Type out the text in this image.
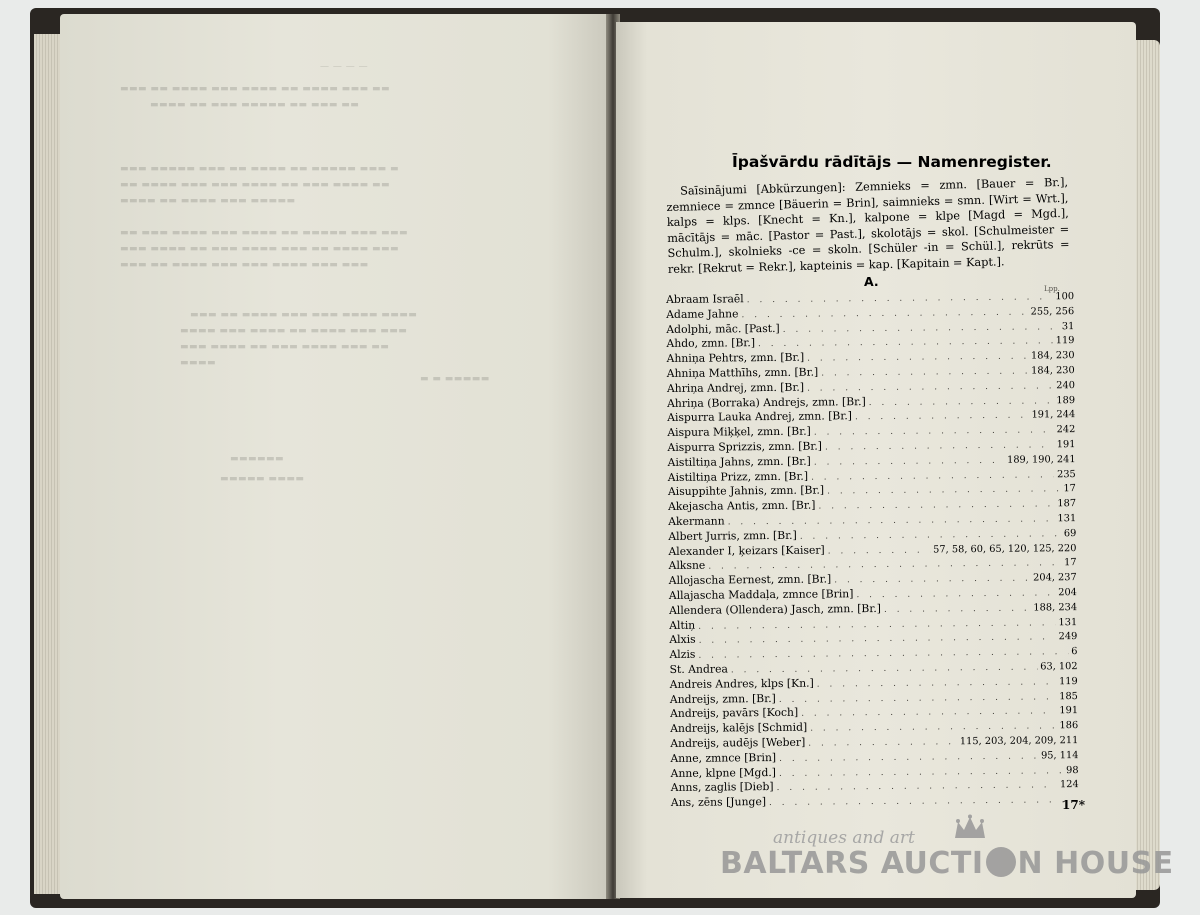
— — — —
▬▬▬ ▬▬ ▬▬▬▬ ▬▬▬ ▬▬▬▬ ▬▬ ▬▬▬▬ ▬▬▬ ▬▬
▬▬▬▬ ▬▬ ▬▬▬ ▬▬▬▬▬ ▬▬ ▬▬▬ ▬▬
▬▬▬ ▬▬▬▬▬ ▬▬▬ ▬▬ ▬▬▬▬ ▬▬ ▬▬▬▬▬ ▬▬▬ ▬
▬▬ ▬▬▬▬ ▬▬▬ ▬▬▬ ▬▬▬▬ ▬▬ ▬▬▬ ▬▬▬▬ ▬▬
▬▬▬▬ ▬▬ ▬▬▬▬ ▬▬▬ ▬▬▬▬▬
▬▬ ▬▬▬ ▬▬▬▬ ▬▬▬ ▬▬▬▬ ▬▬ ▬▬▬▬▬ ▬▬▬ ▬▬▬
▬▬▬ ▬▬▬▬ ▬▬ ▬▬▬ ▬▬▬▬ ▬▬▬ ▬▬ ▬▬▬▬ ▬▬▬
▬▬▬ ▬▬ ▬▬▬▬ ▬▬▬ ▬▬▬ ▬▬▬▬ ▬▬▬ ▬▬▬
▬▬▬ ▬▬ ▬▬▬▬ ▬▬▬ ▬▬▬ ▬▬▬▬ ▬▬▬▬
▬▬▬▬ ▬▬▬ ▬▬▬▬ ▬▬ ▬▬▬▬ ▬▬▬ ▬▬▬
▬▬▬ ▬▬▬▬ ▬▬ ▬▬▬ ▬▬▬▬ ▬▬▬ ▬▬
▬▬▬▬
▬ ▬ ▬▬▬▬▬
▬▬▬▬▬▬
▬▬▬▬▬ ▬▬▬▬
Īpašvārdu rādītājs — Namenregister.
Saīsinājumi [Abkürzungen]: Zemnieks = zmn. [Bauer = Br.], zemniece = zmnce [Bäuerin = Brin], saimnieks = smn. [Wirt = Wrt.], kalps = klps. [Knecht = Kn.], kalpone = klpe [Magd = Mgd.], mācītājs = māc. [Pastor = Past.], skolotājs = skol. [Schulmeister = Schulm.], skolnieks -ce = skoln. [Schüler -in = Schül.], rekrūts = rekr. [Rekrut = Rekr.], kapteinis = kap. [Kapitain = Kapt.].
A.	Lpp.
Abraam Israēl . . .	100
Adame Jahne . . .	255, 256
Adolphi, māc. [Past.] . . .	31
Ahdo, zmn. [Br.] . . .	119
Ahniņa Pehtrs, zmn. [Br.] . . .	184, 230
Ahniņa Matthīhs, zmn. [Br.] . . .	184, 230
Ahriņa Andrej, zmn. [Br.] . . .	240
Ahriņa (Borraka) Andrejs, zmn. [Br.] . . .	189
Aispurra Lauka Andrej, zmn. [Br.] . . .	191, 244
Aispura Miķķel, zmn. [Br.] . . .	242
Aispurra Sprizzis, zmn. [Br.] . . .	191
Aistiltiņa Jahns, zmn. [Br.] . . .	189, 190, 241
Aistiltiņa Prizz, zmn. [Br.] . . .	235
Aisuppihte Jahnis, zmn. [Br.] . . .	17
Akejascha Antis, zmn. [Br.] . . .	187
Akermann . . .	131
Albert Jurris, zmn. [Br.] . . .	69
Alexander I, ķeizars [Kaiser] . . .	57, 58, 60, 65, 120, 125, 220
Alksne . . .	17
Allojascha Eernest, zmn. [Br.] . . .	204, 237
Allajascha Maddaļa, zmnce [Brin] . . .	204
Allendera (Ollendera) Jasch, zmn. [Br.] . . .	188, 234
Altiņ . . .	131
Alxis . . .	249
Alzis . . .	6
St. Andrea . . .	63, 102
Andreis Andres, klps [Kn.] . . .	119
Andreijs, zmn. [Br.] . . .	185
Andreijs, pavārs [Koch] . . .	191
Andreijs, kalējs [Schmid] . . .	186
Andreijs, audējs [Weber] . . .	115, 203, 204, 209, 211
Anne, zmnce [Brin] . . .	95, 114
Anne, klpne [Mgd.] . . .	98
Anns, zaglis [Dieb] . . .	124
Ans, zēns [Junge] . . .	17*
antiques and art
BALTARS AUCTI N HOUSE
